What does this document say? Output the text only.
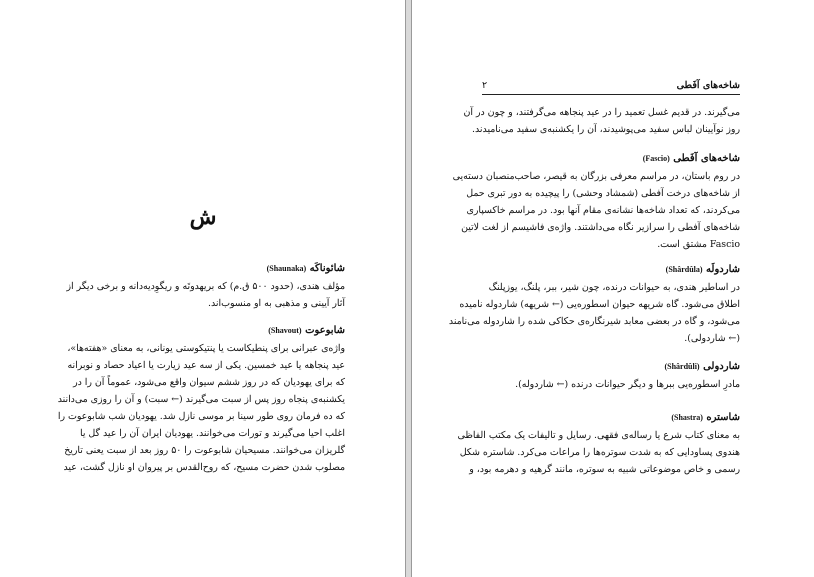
ش
شائوناکَه (Shaunaka)
مؤلف هندی، (حدود ۵۰۰ ق.م) که بریهدوتَه و ریگوِدیه‌دانه و برخی دیگر از
آثار آیینی و مذهبی به او منسوب‌اند.
شابوعوت (Shavout)
واژه‌ی عبرانی برای پنطیکاست یا پنتیکوستی یونانی، به معنای «هفته‌ها»،
عید پنجاهه یا عید خمسین. یکی از سه عید زیارت یا اعیاد حصاد و نوبرانه
که برای یهودیان که در روز ششم سیوان واقع می‌شود، عموماً آن را در
یکشنبه‌ی پنجاه روز پس از سبت می‌گیرند (← سبت) و آن را روزی می‌دانند
که ده فرمان روی طور سینا بر موسی نازل شد. یهودیان شب شابوعوت را
اغلب احیا می‌گیرند و تورات می‌خوانند. یهودیان ایران آن را عید گل یا
گلریزان می‌خوانند. مسیحیان شابوعوت را ۵۰ روز بعد از سبت یعنی تاریخ
مصلوب شدن حضرت مسیح، که روح‌القدس بر پیروان او نازل گشت، عید
شاخه‌های آفَطی
۲
می‌گیرند. در قدیم غسل تعمید را در عید پنجاهه می‌گرفتند، و چون در آن
روز نوآیینان لباس سفید می‌پوشیدند، آن را یکشنبه‌ی سفید می‌نامیدند.
شاخه‌های آفَطی (Fascio)
در روم باستان، در مراسم معرفی بزرگان به قیصر، صاحب‌منصبان دسته‌یی
از شاخه‌های درخت آفطی (شمشاد وحشی) را پیچیده به دور تبری حمل
می‌کردند، که تعداد شاخه‌ها نشانه‌ی مقام آنها بود. در مراسم خاکسپاری
شاخه‌های آفطی را سرازیر نگاه می‌داشتند. واژه‌ی فاشیسم از لغت لاتین
Fascio مشتق است.
شاردولَه (Shârdûla)
در اساطیر هندی، به حیوانات درنده، چون شیر، ببر، پلنگ، یوزپلنگ
اطلاق می‌شود. گاه شریهه حیوان اسطوره‌یی (← شریهه) شاردوله نامیده
می‌شود، و گاه در بعضی معابد شیرنگاره‌ی حکاکی شده را شاردوله می‌نامند
(← شاردولی).
شاردولی (Shârdûli)
مادرِ اسطوره‌یی ببرها و دیگر حیوانات درنده (← شاردوله).
شاستره (Shastra)
به معنای کتاب شرع یا رساله‌ی فقهی. رسایل و تالیفات یک مکتب الفاظی
هندوی پساودایی که به شدت سوتره‌ها را مراعات می‌کرد. شاستره شکل
رسمی و خاص موضوعاتی شبیه به سوتره، مانند گرهیه و دهرمه بود، و
